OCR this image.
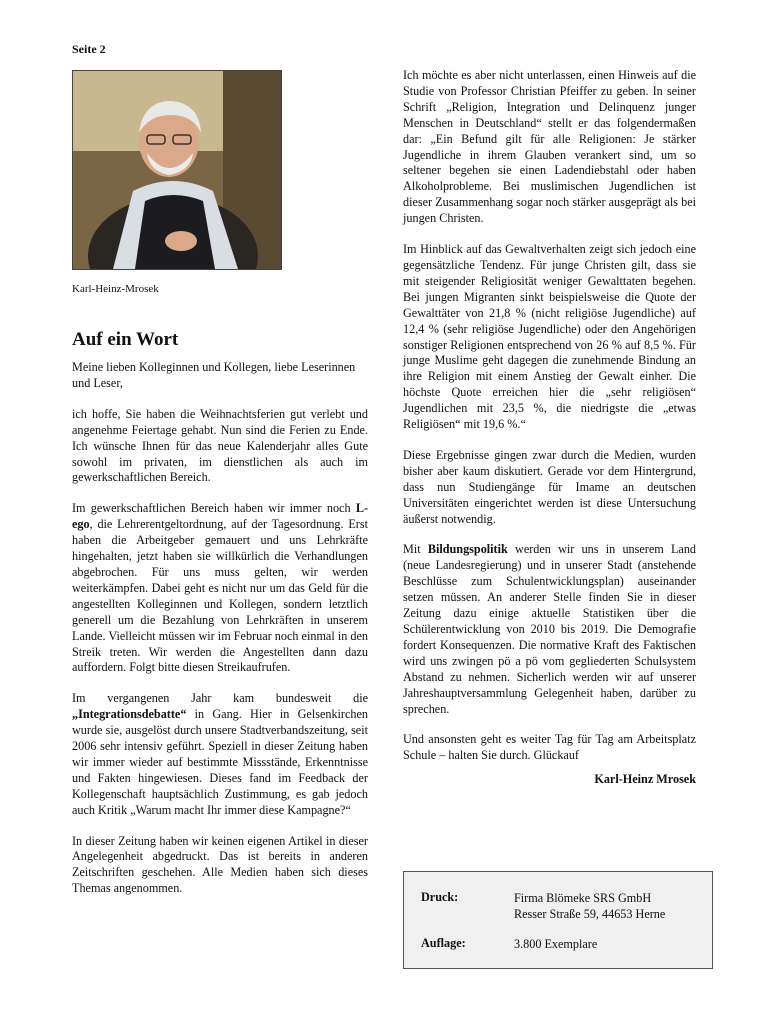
Seite 2
Karl-Heinz-Mrosek
Auf ein Wort

Meine lieben Kolleginnen und Kollegen, liebe Leserinnen und Leser,

ich hoffe, Sie haben die Weihnachtsferien gut verlebt und angenehme Feiertage gehabt. Nun sind die Ferien zu Ende. Ich wünsche Ihnen für das neue Kalenderjahr alles Gute sowohl im privaten, im dienstlichen als auch im gewerkschaftlichen Bereich.

Im gewerkschaftlichen Bereich haben wir immer noch L-ego, die Lehrerentgeltordnung, auf der Tagesordnung. Erst haben die Arbeitgeber gemauert und uns Lehrkräfte hingehalten, jetzt haben sie willkürlich die Verhandlungen abgebrochen. Für uns muss gelten, wir werden weiterkämpfen. Dabei geht es nicht nur um das Geld für die angestellten Kolleginnen und Kollegen, sondern letztlich generell um die Bezahlung von Lehrkräften in unserem Lande. Vielleicht müssen wir im Februar noch einmal in den Streik treten. Wir werden die Angestellten dann dazu auffordern. Folgt bitte diesen Streikaufrufen.

Im vergangenen Jahr kam bundesweit die „Integrationsdebatte“ in Gang. Hier in Gelsenkirchen wurde sie, ausgelöst durch unsere Stadtverbandszeitung, seit 2006 sehr intensiv geführt. Speziell in dieser Zeitung haben wir immer wieder auf bestimmte Missstände, Erkenntnisse und Fakten hingewiesen. Dieses fand im Feedback der Kollegenschaft hauptsächlich Zustimmung, es gab jedoch auch Kritik „Warum macht Ihr immer diese Kampagne?“

In dieser Zeitung haben wir keinen eigenen Artikel in dieser Angelegenheit abgedruckt. Das ist bereits in anderen Zeitschriften geschehen. Alle Medien haben sich dieses Themas angenommen.

Ich möchte es aber nicht unterlassen, einen Hinweis auf die Studie von Professor Christian Pfeiffer zu geben. In seiner Schrift „Religion, Integration und Delinquenz junger Menschen in Deutschland“ stellt er das folgendermaßen dar: „Ein Befund gilt für alle Religionen: Je stärker Jugendliche in ihrem Glauben verankert sind, um so seltener begehen sie einen Ladendiebstahl oder haben Alkoholprobleme. Bei muslimischen Jugendlichen ist dieser Zusammenhang sogar noch stärker ausgeprägt als bei jungen Christen.

Im Hinblick auf das Gewaltverhalten zeigt sich jedoch eine gegensätzliche Tendenz. Für junge Christen gilt, dass sie mit steigender Religiosität weniger Gewalttaten begehen. Bei jungen Migranten sinkt beispielsweise die Quote der Gewalttäter von 21,8 % (nicht religiöse Jugendliche) auf 12,4 % (sehr religiöse Jugendliche) oder den Angehörigen sonstiger Religionen entsprechend von 26 % auf 8,5 %. Für junge Muslime geht dagegen die zunehmende Bindung an ihre Religion mit einem Anstieg der Gewalt einher. Die höchste Quote erreichen hier die „sehr religiösen“ Jugendlichen mit 23,5 %, die niedrigste die „etwas Religiösen“ mit 19,6 %.“

Diese Ergebnisse gingen zwar durch die Medien, wurden bisher aber kaum diskutiert. Gerade vor dem Hintergrund, dass nun Studiengänge für Imame an deutschen Universitäten eingerichtet werden ist diese Untersuchung äußerst notwendig.

Mit Bildungspolitik werden wir uns in unserem Land (neue Landesregierung) und in unserer Stadt (anstehende Beschlüsse zum Schulentwicklungsplan) auseinander setzen müssen. An anderer Stelle finden Sie in dieser Zeitung dazu einige aktuelle Statistiken über die Schülerentwicklung von 2010 bis 2019. Die Demografie fordert Konsequenzen. Die normative Kraft des Faktischen wird uns zwingen pö a pö vom gegliederten Schulsystem Abstand zu nehmen. Sicherlich werden wir auf unserer Jahreshauptversammlung Gelegenheit haben, darüber zu sprechen.

Und ansonsten geht es weiter Tag für Tag am Arbeitsplatz Schule – halten Sie durch. Glückauf

Karl-Heinz Mrosek

Druck:	Firma Blömeke SRS GmbH
Resser Straße 59, 44653 Herne
Auflage:	3.800 Exemplare
